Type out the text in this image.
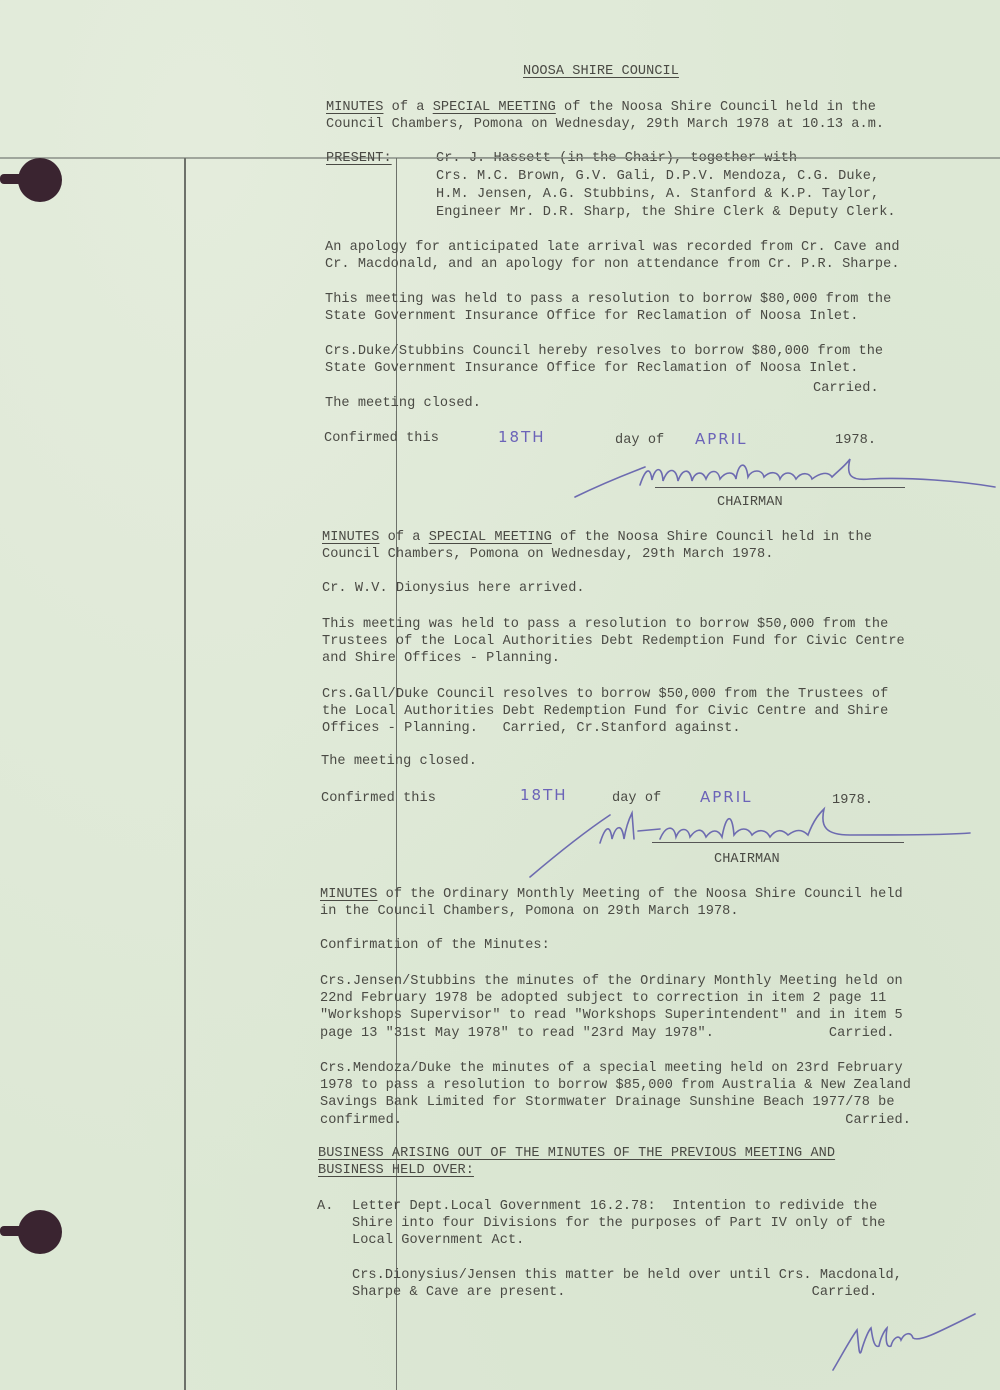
NOOSA SHIRE COUNCIL
MINUTES of a SPECIAL MEETING of the Noosa Shire Council held in the
Council Chambers, Pomona on Wednesday, 29th March 1978 at 10.13 a.m.
PRESENT:	Cr. J. Hassett (in the Chair), together with
Crs. M.C. Brown, G.V. Gali, D.P.V. Mendoza, C.G. Duke,
H.M. Jensen, A.G. Stubbins, A. Stanford & K.P. Taylor,
Engineer Mr. D.R. Sharp, the Shire Clerk & Deputy Clerk.
An apology for anticipated late arrival was recorded from Cr. Cave and
Cr. Macdonald, and an apology for non attendance from Cr. P.R. Sharpe.
This meeting was held to pass a resolution to borrow $80,000 from the
State Government Insurance Office for Reclamation of Noosa Inlet.
Crs.Duke/Stubbins Council hereby resolves to borrow $80,000 from the
State Government Insurance Office for Reclamation of Noosa Inlet.
Carried.
The meeting closed.
Confirmed this	18TH	day of APRIL	1978.
CHAIRMAN
MINUTES of a SPECIAL MEETING of the Noosa Shire Council held in the
Council Chambers, Pomona on Wednesday, 29th March 1978.
Cr. W.V. Dionysius here arrived.
This meeting was held to pass a resolution to borrow $50,000 from the
Trustees of the Local Authorities Debt Redemption Fund for Civic Centre
and Shire Offices - Planning.
Crs.Gall/Duke Council resolves to borrow $50,000 from the Trustees of
the Local Authorities Debt Redemption Fund for Civic Centre and Shire
Offices - Planning.   Carried, Cr.Stanford against.
The meeting closed.
Confirmed this	18TH	day of	APRIL	1978.
CHAIRMAN
MINUTES of the Ordinary Monthly Meeting of the Noosa Shire Council held
in the Council Chambers, Pomona on 29th March 1978.
Confirmation of the Minutes:
Crs.Jensen/Stubbins the minutes of the Ordinary Monthly Meeting held on
22nd February 1978 be adopted subject to correction in item 2 page 11
"Workshops Supervisor" to read "Workshops Superintendent" and in item 5
page 13 "31st May 1978" to read "23rd May 1978".              Carried.
Crs.Mendoza/Duke the minutes of a special meeting held on 23rd February
1978 to pass a resolution to borrow $85,000 from Australia & New Zealand
Savings Bank Limited for Stormwater Drainage Sunshine Beach 1977/78 be
confirmed.                                                      Carried.
BUSINESS ARISING OUT OF THE MINUTES OF THE PREVIOUS MEETING AND
BUSINESS HELD OVER:
A. Letter Dept.Local Government 16.2.78:  Intention to redivide the
Shire into four Divisions for the purposes of Part IV only of the
Local Government Act.
Crs.Dionysius/Jensen this matter be held over until Crs. Macdonald,
Sharpe & Cave are present.                              Carried.
